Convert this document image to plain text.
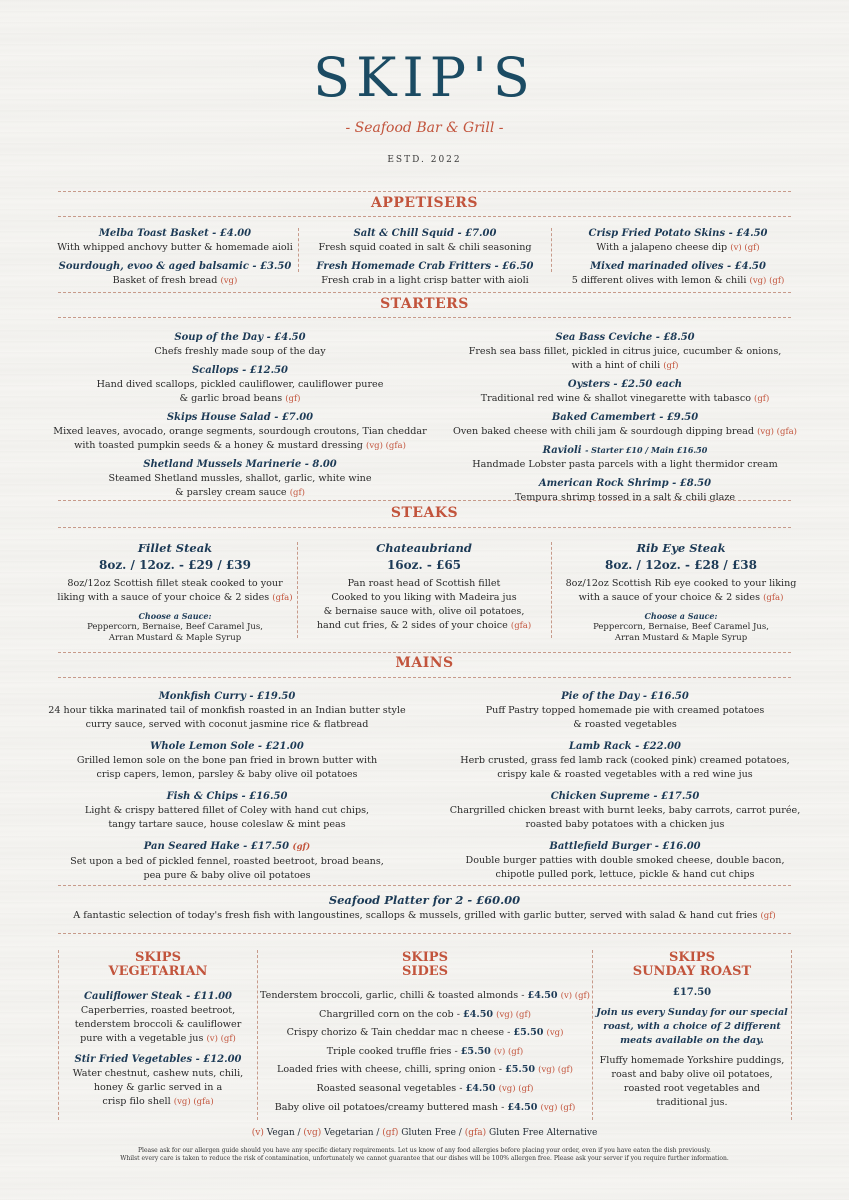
SKIP'S
- Seafood Bar & Grill -
ESTD. 2022
APPETISERS
Melba Toast Basket - £4.00
With whipped anchovy butter & homemade aioli
Sourdough, evoo & aged balsamic - £3.50
Basket of fresh bread (vg)
Salt & Chill Squid - £7.00
Fresh squid coated in salt & chili seasoning
Fresh Homemade Crab Fritters - £6.50
Fresh crab in a light crisp batter with aioli
Crisp Fried Potato Skins - £4.50
With a jalapeno cheese dip (v) (gf)
Mixed marinaded olives - £4.50
5 different olives with lemon & chili (vg) (gf)
STARTERS
Soup of the Day - £4.50
Chefs freshly made soup of the day
Scallops - £12.50
Hand dived scallops, pickled cauliflower, cauliflower puree
& garlic broad beans (gf)
Skips House Salad - £7.00
Mixed leaves, avocado, orange segments, sourdough croutons, Tian cheddar
with toasted pumpkin seeds & a honey & mustard dressing (vg) (gfa)
Shetland Mussels Marinerie - 8.00
Steamed Shetland mussles, shallot, garlic, white wine
& parsley cream sauce (gf)
Sea Bass Ceviche - £8.50
Fresh sea bass fillet, pickled in citrus juice, cucumber & onions,
with a hint of chili (gf)
Oysters - £2.50 each
Traditional red wine & shallot vinegarette with tabasco (gf)
Baked Camembert - £9.50
Oven baked cheese with chili jam & sourdough dipping bread (vg) (gfa)
Ravioli - Starter £10 / Main £16.50
Handmade Lobster pasta parcels with a light thermidor cream
American Rock Shrimp - £8.50
Tempura shrimp tossed in a salt & chili glaze
STEAKS
Fillet Steak
8oz. / 12oz. - £29 / £39
8oz/12oz Scottish fillet steak cooked to your
liking with a sauce of your choice & 2 sides (gfa)
Choose a Sauce:
Peppercorn, Bernaise, Beef Caramel Jus,
Arran Mustard & Maple Syrup
Chateaubriand
16oz. - £65
Pan roast head of Scottish fillet
Cooked to you liking with Madeira jus
& bernaise sauce with, olive oil potatoes,
hand cut fries, & 2 sides of your choice (gfa)
Rib Eye Steak
8oz. / 12oz. - £28 / £38
8oz/12oz Scottish Rib eye cooked to your liking
with a sauce of your choice & 2 sides (gfa)
Choose a Sauce:
Peppercorn, Bernaise, Beef Caramel Jus,
Arran Mustard & Maple Syrup
MAINS
Monkfish Curry - £19.50
24 hour tikka marinated tail of monkfish roasted in an Indian butter style
curry sauce, served with coconut jasmine rice & flatbread
Whole Lemon Sole - £21.00
Grilled lemon sole on the bone pan fried in brown butter with
crisp capers, lemon, parsley & baby olive oil potatoes
Fish & Chips - £16.50
Light & crispy battered fillet of Coley with hand cut chips,
tangy tartare sauce, house coleslaw & mint peas
Pan Seared Hake - £17.50 (gf)
Set upon a bed of pickled fennel, roasted beetroot, broad beans,
pea pure & baby olive oil potatoes
Pie of the Day - £16.50
Puff Pastry topped homemade pie with creamed potatoes
& roasted vegetables
Lamb Rack - £22.00
Herb crusted, grass fed lamb rack (cooked pink) creamed potatoes,
crispy kale & roasted vegetables with a red wine jus
Chicken Supreme - £17.50
Chargrilled chicken breast with burnt leeks, baby carrots, carrot purée,
roasted baby potatoes with a chicken jus
Battlefield Burger - £16.00
Double burger patties with double smoked cheese, double bacon,
chipotle pulled pork, lettuce, pickle & hand cut chips
Seafood Platter for 2 - £60.00
A fantastic selection of today's fresh fish with langoustines, scallops & mussels, grilled with garlic butter, served with salad & hand cut fries (gf)
SKIPS
VEGETARIAN
Cauliflower Steak - £11.00
Caperberries, roasted beetroot,
tenderstem broccoli & cauliflower
pure with a vegetable jus (v) (gf)
Stir Fried Vegetables - £12.00
Water chestnut, cashew nuts, chili,
honey & garlic served in a
crisp filo shell (vg) (gfa)
SKIPS
SIDES
Tenderstem broccoli, garlic, chilli & toasted almonds - £4.50 (v) (gf)
Chargrilled corn on the cob - £4.50 (vg) (gf)
Crispy chorizo & Tain cheddar mac n cheese - £5.50 (vg)
Triple cooked truffle fries - £5.50 (v) (gf)
Loaded fries with cheese, chilli, spring onion - £5.50 (vg) (gf)
Roasted seasonal vegetables - £4.50 (vg) (gf)
Baby olive oil potatoes/creamy buttered mash - £4.50 (vg) (gf)
SKIPS
SUNDAY ROAST
£17.50
Join us every Sunday for our special
roast, with a choice of 2 different
meats available on the day.
Fluffy homemade Yorkshire puddings,
roast and baby olive oil potatoes,
roasted root vegetables and
traditional jus.
(v) Vegan / (vg) Vegetarian / (gf) Gluten Free / (gfa) Gluten Free Alternative
Please ask for our allergen guide should you have any specific dietary requirements. Let us know of any food allergies before placing your order, even if you have eaten the dish previously.
Whilst every care is taken to reduce the risk of contamination, unfortunately we cannot guarantee that our dishes will be 100% allergen free. Please ask your server if you require further information.
